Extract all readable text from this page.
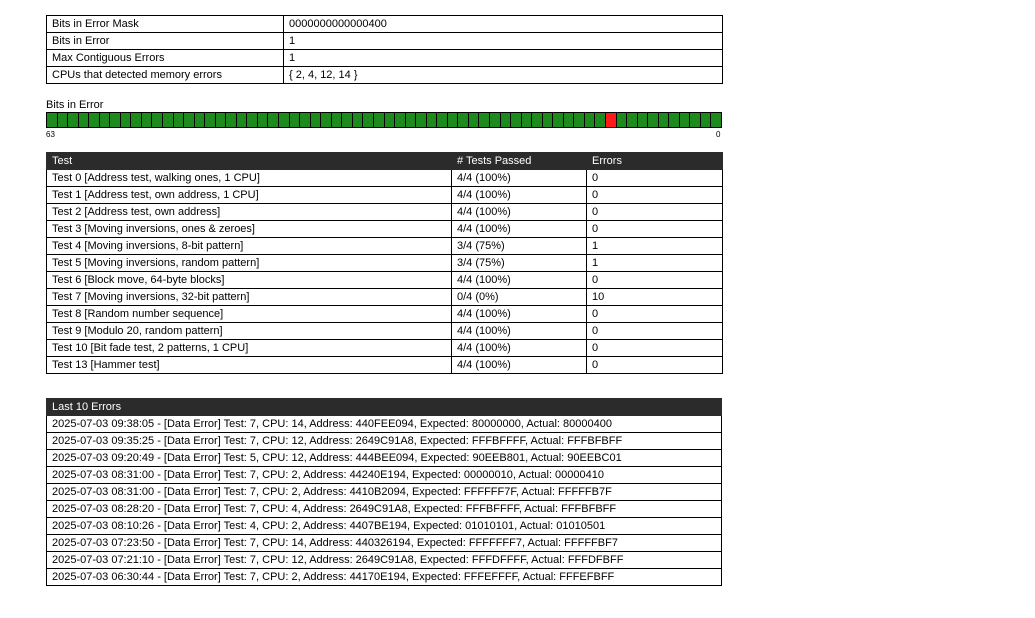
Bits in Error Mask	0000000000000400
Bits in Error	1
Max Contiguous Errors	1
CPUs that detected memory errors	{ 2, 4, 12, 14 }
Bits in Error
63	0
Test	# Tests Passed	Errors
Test 0 [Address test, walking ones, 1 CPU]	4/4 (100%)	0
Test 1 [Address test, own address, 1 CPU]	4/4 (100%)	0
Test 2 [Address test, own address]	4/4 (100%)	0
Test 3 [Moving inversions, ones & zeroes]	4/4 (100%)	0
Test 4 [Moving inversions, 8-bit pattern]	3/4 (75%)	1
Test 5 [Moving inversions, random pattern]	3/4 (75%)	1
Test 6 [Block move, 64-byte blocks]	4/4 (100%)	0
Test 7 [Moving inversions, 32-bit pattern]	0/4 (0%)	10
Test 8 [Random number sequence]	4/4 (100%)	0
Test 9 [Modulo 20, random pattern]	4/4 (100%)	0
Test 10 [Bit fade test, 2 patterns, 1 CPU]	4/4 (100%)	0
Test 13 [Hammer test]	4/4 (100%)	0
Last 10 Errors
2025-07-03 09:38:05 - [Data Error] Test: 7, CPU: 14, Address: 440FEE094, Expected: 80000000, Actual: 80000400
2025-07-03 09:35:25 - [Data Error] Test: 7, CPU: 12, Address: 2649C91A8, Expected: FFFBFFFF, Actual: FFFBFBFF
2025-07-03 09:20:49 - [Data Error] Test: 5, CPU: 12, Address: 444BEE094, Expected: 90EEB801, Actual: 90EEBC01
2025-07-03 08:31:00 - [Data Error] Test: 7, CPU: 2, Address: 44240E194, Expected: 00000010, Actual: 00000410
2025-07-03 08:31:00 - [Data Error] Test: 7, CPU: 2, Address: 4410B2094, Expected: FFFFFF7F, Actual: FFFFFB7F
2025-07-03 08:28:20 - [Data Error] Test: 7, CPU: 4, Address: 2649C91A8, Expected: FFFBFFFF, Actual: FFFBFBFF
2025-07-03 08:10:26 - [Data Error] Test: 4, CPU: 2, Address: 4407BE194, Expected: 01010101, Actual: 01010501
2025-07-03 07:23:50 - [Data Error] Test: 7, CPU: 14, Address: 440326194, Expected: FFFFFFF7, Actual: FFFFFBF7
2025-07-03 07:21:10 - [Data Error] Test: 7, CPU: 12, Address: 2649C91A8, Expected: FFFDFFFF, Actual: FFFDFBFF
2025-07-03 06:30:44 - [Data Error] Test: 7, CPU: 2, Address: 44170E194, Expected: FFFEFFFF, Actual: FFFEFBFF
